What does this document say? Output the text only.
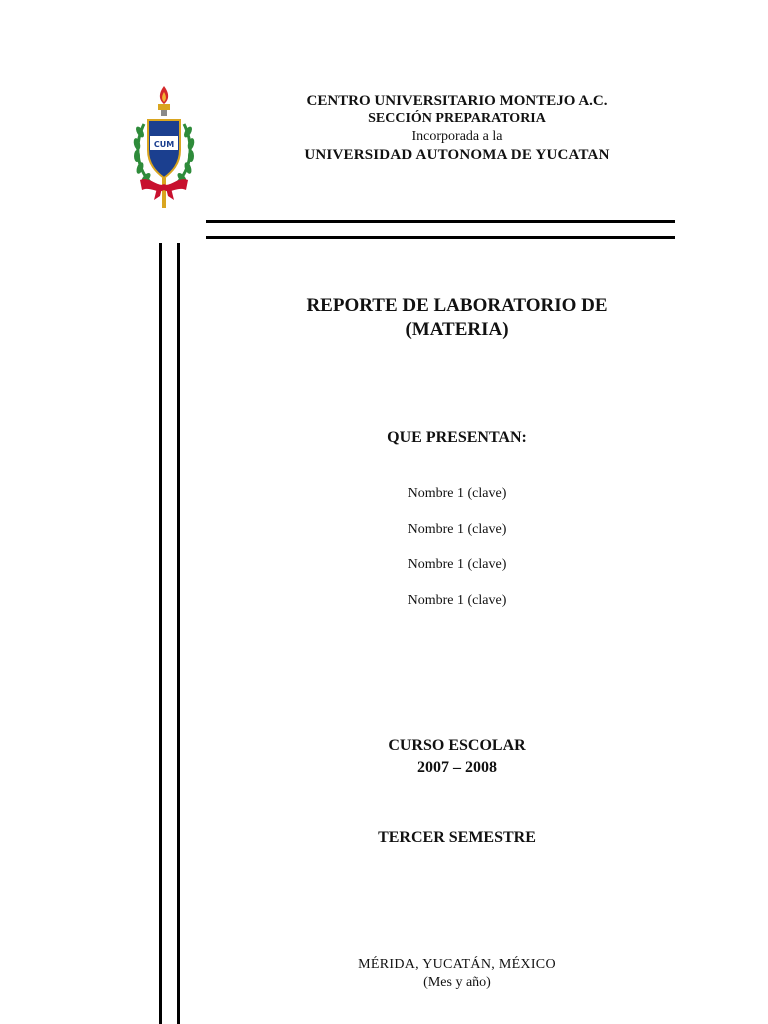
CUM
CENTRO UNIVERSITARIO MONTEJO A.C.
SECCIÓN PREPARATORIA
Incorporada a la
UNIVERSIDAD AUTONOMA DE YUCATAN
REPORTE DE LABORATORIO DE
(MATERIA)
QUE PRESENTAN:
Nombre 1 (clave)
Nombre 1 (clave)
Nombre 1 (clave)
Nombre 1 (clave)
CURSO ESCOLAR
2007 – 2008
TERCER SEMESTRE
MÉRIDA, YUCATÁN, MÉXICO
(Mes y año)
